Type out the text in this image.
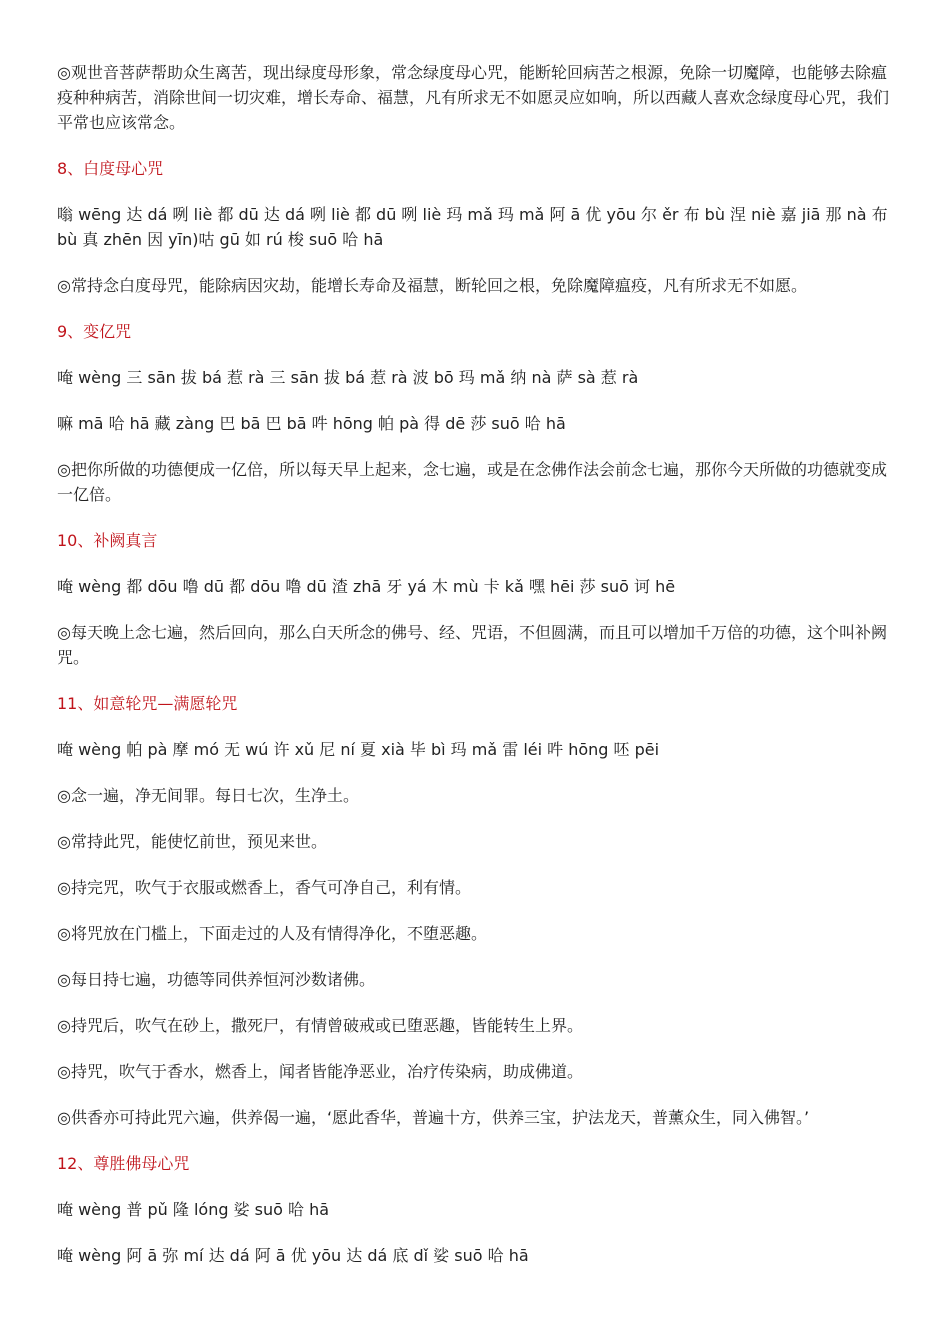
◎观世音菩萨帮助众生离苦，现出绿度母形象，常念绿度母心咒，能断轮回病苦之根源，免除一切魔障，也能够去除瘟疫种种病苦，消除世间一切灾难，增长寿命、福慧，凡有所求无不如愿灵应如响，所以西藏人喜欢念绿度母心咒，我们平常也应该常念。

8、白度母心咒

嗡 wēng 达 dá 咧 liè 都 dū 达 dá 咧 liè 都 dū 咧 liè 玛 mǎ 玛 mǎ 阿 ā 优 yōu 尔 ěr 布 bù 涅 niè 嘉 jiā 那 nà 布 bù 真 zhēn 因 yīn)咕 gū 如 rú 梭 suō 哈 hā

◎常持念白度母咒，能除病因灾劫，能增长寿命及福慧，断轮回之根，免除魔障瘟疫，凡有所求无不如愿。

9、变亿咒

唵 wèng 三 sān 拔 bá 惹 rà 三 sān 拔 bá 惹 rà 波 bō 玛 mǎ 纳 nà 萨 sà 惹 rà

嘛 mā 哈 hā 藏 zàng 巴 bā 巴 bā 吽 hōng 帕 pà 得 dē 莎 suō 哈 hā

◎把你所做的功德便成一亿倍，所以每天早上起来，念七遍，或是在念佛作法会前念七遍，那你今天所做的功德就变成一亿倍。

10、补阙真言

唵 wèng 都 dōu 噜 dū 都 dōu 噜 dū 渣 zhā 牙 yá 木 mù 卡 kǎ 嘿 hēi 莎 suō 诃 hē

◎每天晚上念七遍，然后回向，那么白天所念的佛号、经、咒语，不但圆满，而且可以增加千万倍的功德，这个叫补阙咒。

11、如意轮咒—满愿轮咒

唵 wèng 帕 pà 摩 mó 无 wú 许 xǔ 尼 ní 夏 xià 毕 bì 玛 mǎ 雷 léi 吽 hōng 呸 pēi

◎念一遍，净无间罪。每日七次，生净土。

◎常持此咒，能使忆前世，预见来世。

◎持完咒，吹气于衣服或燃香上，香气可净自己，利有情。

◎将咒放在门槛上，下面走过的人及有情得净化，不堕恶趣。

◎每日持七遍，功德等同供养恒河沙数诸佛。

◎持咒后，吹气在砂上，撒死尸，有情曾破戒或已堕恶趣，皆能转生上界。

◎持咒，吹气于香水，燃香上，闻者皆能净恶业，冶疗传染病，助成佛道。

◎供香亦可持此咒六遍，供养偈一遍，‘愿此香华，普遍十方，供养三宝，护法龙天，普薰众生，同入佛智。’

12、尊胜佛母心咒

唵 wèng 普 pǔ 隆 lóng 娑 suō 哈 hā

唵 wèng 阿 ā 弥 mí 达 dá 阿 ā 优 yōu 达 dá 底 dǐ 娑 suō 哈 hā
